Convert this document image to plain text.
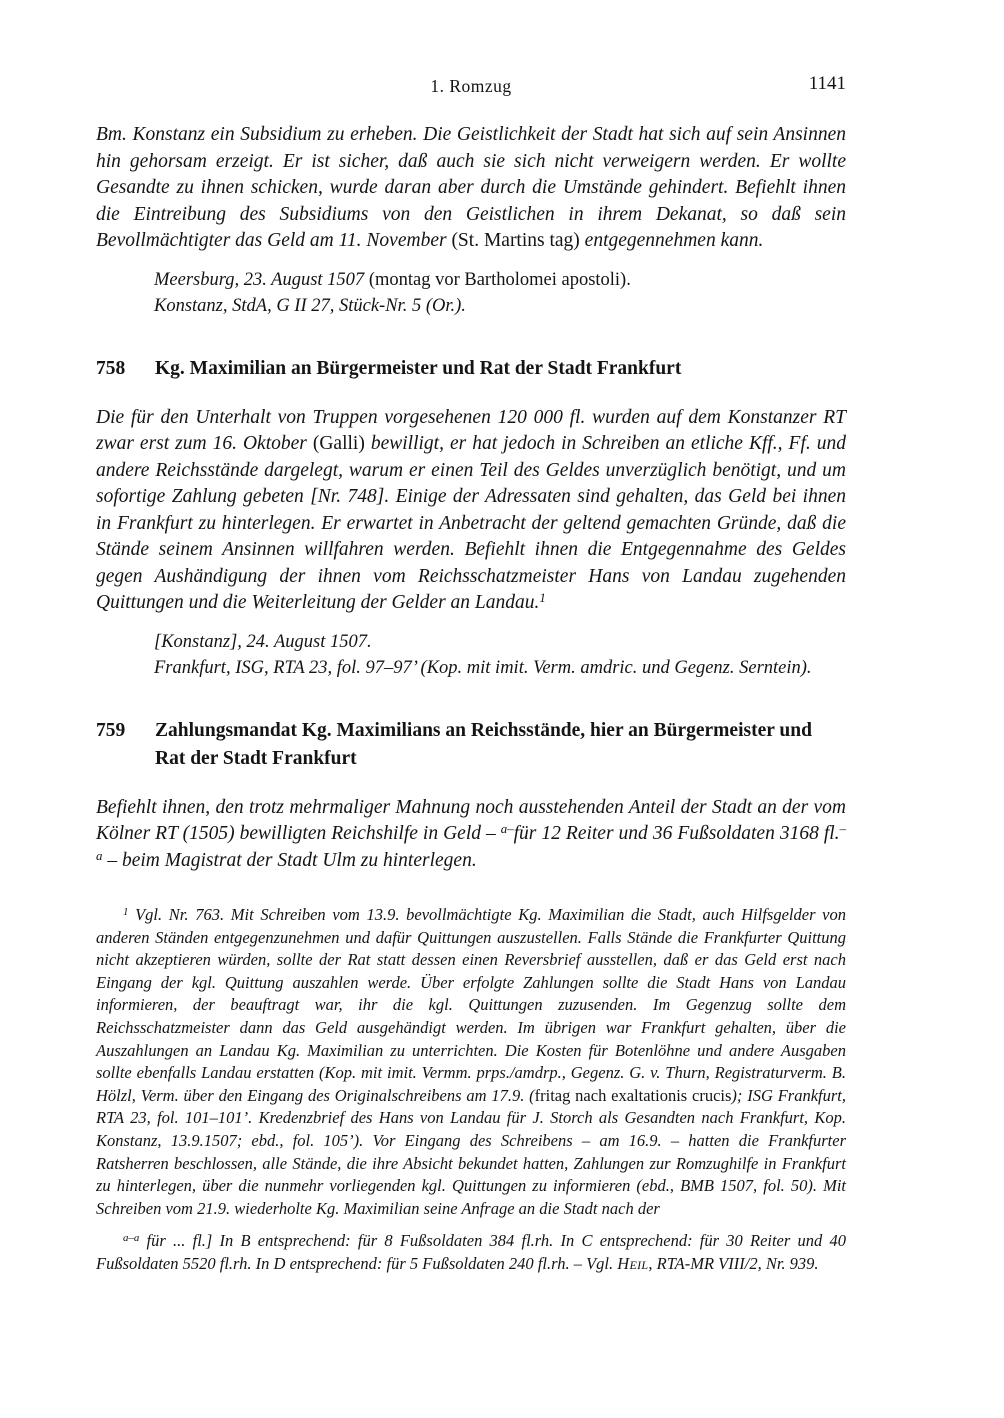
1. Romzug	1141

Bm. Konstanz ein Subsidium zu erheben. Die Geistlichkeit der Stadt hat sich auf sein Ansinnen hin gehorsam erzeigt. Er ist sicher, daß auch sie sich nicht verweigern werden. Er wollte Gesandte zu ihnen schicken, wurde daran aber durch die Umstände gehindert. Befiehlt ihnen die Eintreibung des Subsidiums von den Geistlichen in ihrem Dekanat, so daß sein Bevollmächtigter das Geld am 11. November (St. Martins tag) entgegennehmen kann.

Meersburg, 23. August 1507 (montag vor Bartholomei apostoli).
Konstanz, StdA, G II 27, Stück-Nr. 5 (Or.).
758	Kg. Maximilian an Bürgermeister und Rat der Stadt Frankfurt

Die für den Unterhalt von Truppen vorgesehenen 120 000 fl. wurden auf dem Konstanzer RT zwar erst zum 16. Oktober (Galli) bewilligt, er hat jedoch in Schreiben an etliche Kff., Ff. und andere Reichsstände dargelegt, warum er einen Teil des Geldes unverzüglich benötigt, und um sofortige Zahlung gebeten [Nr. 748]. Einige der Adressaten sind gehalten, das Geld bei ihnen in Frankfurt zu hinterlegen. Er erwartet in Anbetracht der geltend gemachten Gründe, daß die Stände seinem Ansinnen willfahren werden. Befiehlt ihnen die Entgegennahme des Geldes gegen Aushändigung der ihnen vom Reichsschatzmeister Hans von Landau zugehenden Quittungen und die Weiterleitung der Gelder an Landau.$^1$

[Konstanz], 24. August 1507.
Frankfurt, ISG, RTA 23, fol. 97–97’ (Kop. mit imit. Verm. amdric. und Gegenz. Serntein).
759	Zahlungsmandat Kg. Maximilians an Reichsstände, hier an Bürgermeister und Rat der Stadt Frankfurt

Befiehlt ihnen, den trotz mehrmaliger Mahnung noch ausstehenden Anteil der Stadt an der vom Kölner RT (1505) bewilligten Reichshilfe in Geld – $^{a-}$für 12 Reiter und 36 Fußsoldaten 3168 fl.$^{-a}$ – beim Magistrat der Stadt Ulm zu hinterlegen.

$^1$ Vgl. Nr. 763. Mit Schreiben vom 13.9. bevollmächtigte Kg. Maximilian die Stadt, auch Hilfsgelder von anderen Ständen entgegenzunehmen und dafür Quittungen auszustellen. Falls Stände die Frankfurter Quittung nicht akzeptieren würden, sollte der Rat statt dessen einen Reversbrief ausstellen, daß er das Geld erst nach Eingang der kgl. Quittung auszahlen werde. Über erfolgte Zahlungen sollte die Stadt Hans von Landau informieren, der beauftragt war, ihr die kgl. Quittungen zuzusenden. Im Gegenzug sollte dem Reichsschatzmeister dann das Geld ausgehändigt werden. Im übrigen war Frankfurt gehalten, über die Auszahlungen an Landau Kg. Maximilian zu unterrichten. Die Kosten für Botenlöhne und andere Ausgaben sollte ebenfalls Landau erstatten (Kop. mit imit. Vermm. prps./amdrp., Gegenz. G. v. Thurn, Registraturverm. B. Hölzl, Verm. über den Eingang des Originalschreibens am 17.9. (fritag nach exaltationis crucis); ISG Frankfurt, RTA 23, fol. 101–101’. Kredenzbrief des Hans von Landau für J. Storch als Gesandten nach Frankfurt, Kop. Konstanz, 13.9.1507; ebd., fol. 105’). Vor Eingang des Schreibens – am 16.9. – hatten die Frankfurter Ratsherren beschlossen, alle Stände, die ihre Absicht bekundet hatten, Zahlungen zur Romzughilfe in Frankfurt zu hinterlegen, über die nunmehr vorliegenden kgl. Quittungen zu informieren (ebd., BMB 1507, fol. 50). Mit Schreiben vom 21.9. wiederholte Kg. Maximilian seine Anfrage an die Stadt nach der

$^{a-a}$ für ... fl.] In B entsprechend: für 8 Fußsoldaten 384 fl.rh. In C entsprechend: für 30 Reiter und 40 Fußsoldaten 5520 fl.rh. In D entsprechend: für 5 Fußsoldaten 240 fl.rh. – Vgl. Heil, RTA-MR VIII/2, Nr. 939.
